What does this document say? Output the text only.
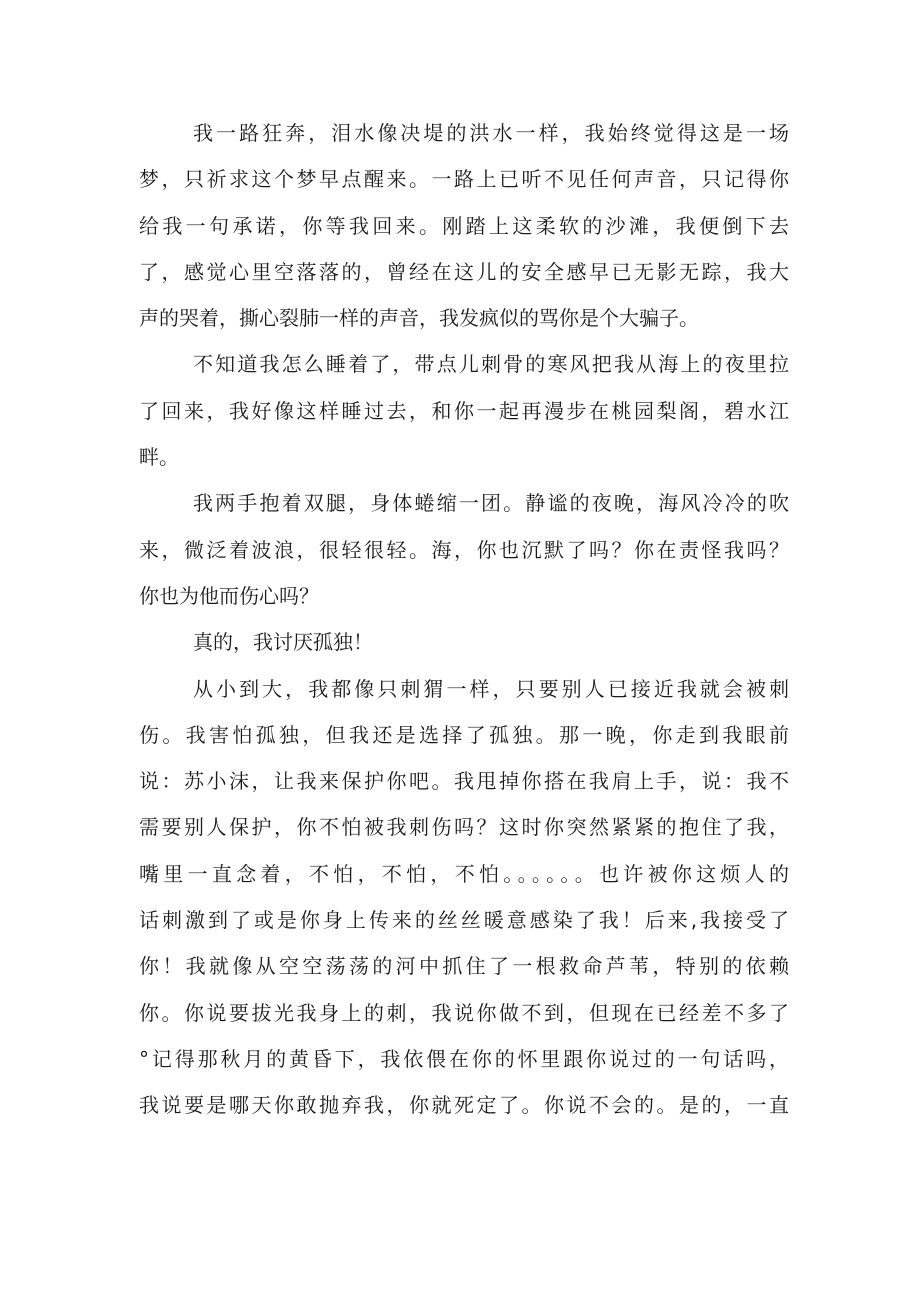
我一路狂奔，泪水像决堤的洪水一样，我始终觉得这是一场
梦，只祈求这个梦早点醒来。一路上已听不见任何声音，只记得你
给我一句承诺，你等我回来。刚踏上这柔软的沙滩，我便倒下去
了，感觉心里空落落的，曾经在这儿的安全感早已无影无踪，我大
声的哭着，撕心裂肺一样的声音，我发疯似的骂你是个大骗子。
不知道我怎么睡着了，带点儿刺骨的寒风把我从海上的夜里拉
了回来，我好像这样睡过去，和你一起再漫步在桃园梨阁，碧水江
畔。
我两手抱着双腿，身体蜷缩一团。静谧的夜晚，海风冷冷的吹
来，微泛着波浪，很轻很轻。海，你也沉默了吗？你在责怪我吗？
你也为他而伤心吗？
真的，我讨厌孤独！
从小到大，我都像只刺猬一样，只要别人已接近我就会被刺
伤。我害怕孤独，但我还是选择了孤独。那一晚，你走到我眼前
说：苏小沫，让我来保护你吧。我甩掉你搭在我肩上手，说：我不
需要别人保护，你不怕被我刺伤吗？这时你突然紧紧的抱住了我，
嘴里一直念着，不怕，不怕，不怕。。。。。。也许被你这烦人的
话刺激到了或是你身上传来的丝丝暖意感染了我！后来,我接受了
你！我就像从空空荡荡的河中抓住了一根救命芦苇，特别的依赖
你。你说要拔光我身上的刺，我说你做不到，但现在已经差不多了
°记得那秋月的黄昏下，我依偎在你的怀里跟你说过的一句话吗，
我说要是哪天你敢抛弃我，你就死定了。你说不会的。是的，一直
